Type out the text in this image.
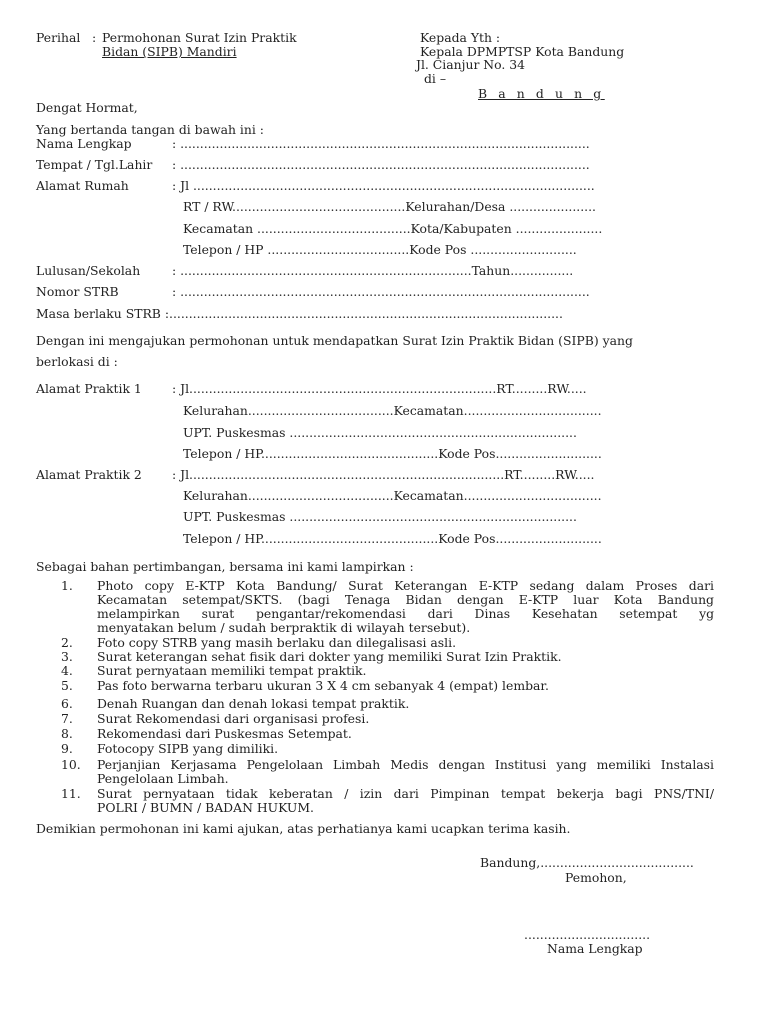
Perihal : Permohonan Surat Izin Praktik
Bidan (SIPB) Mandiri
Kepada Yth :
Kepala DPMPTSP Kota Bandung
Jl. Cianjur No. 34
di –
B a n d u n g
Dengat Hormat,
Yang bertanda tangan di bawah ini :
Nama Lengkap	: ........................................................................................................
Tempat / Tgl.Lahir : ........................................................................................................
Alamat Rumah	: Jl ......................................................................................................
RT / RW............................................Kelurahan/Desa ......................
Kecamatan .......................................Kota/Kabupaten ......................
Telepon / HP ....................................Kode Pos ...........................
Lulusan/Sekolah	: ..........................................................................Tahun................
Nomor STRB	: ........................................................................................................
Masa berlaku STRB :....................................................................................................
Dengan ini mengajukan permohonan untuk mendapatkan Surat Izin Praktik Bidan (SIPB) yang
berlokasi di :
Alamat Praktik 1 : Jl..............................................................................RT.........RW.....
Kelurahan.....................................Kecamatan...................................
UPT. Puskesmas .........................................................................
Telepon / HP.............................................Kode Pos...........................
Alamat Praktik 2 : Jl................................................................................RT.........RW.....
Kelurahan.....................................Kecamatan...................................
UPT. Puskesmas .........................................................................
Telepon / HP.............................................Kode Pos...........................
Sebagai bahan pertimbangan, bersama ini kami lampirkan :
1. Photo copy E-KTP Kota Bandung/ Surat Keterangan E-KTP sedang dalam Proses dari
Kecamatan setempat/SKTS. (bagi Tenaga Bidan dengan E-KTP luar Kota Bandung
melampirkan surat pengantar/rekomendasi dari Dinas Kesehatan setempat yg
menyatakan belum / sudah berpraktik di wilayah tersebut).
2. Foto copy STRB yang masih berlaku dan dilegalisasi asli.
3. Surat keterangan sehat fisik dari dokter yang memiliki Surat Izin Praktik.
4. Surat pernyataan memiliki tempat praktik.
5. Pas foto berwarna terbaru ukuran 3 X 4 cm sebanyak 4 (empat) lembar.
6. Denah Ruangan dan denah lokasi tempat praktik.
7. Surat Rekomendasi dari organisasi profesi.
8. Rekomendasi dari Puskesmas Setempat.
9. Fotocopy SIPB yang dimiliki.
10. Perjanjian Kerjasama Pengelolaan Limbah Medis dengan Institusi yang memiliki Instalasi
Pengelolaan Limbah.
11. Surat pernyataan tidak keberatan / izin dari Pimpinan tempat bekerja bagi PNS/TNI/
POLRI / BUMN / BADAN HUKUM.
Demikian permohonan ini kami ajukan, atas perhatianya kami ucapkan terima kasih.
Bandung,.......................................
Pemohon,
................................
Nama Lengkap
